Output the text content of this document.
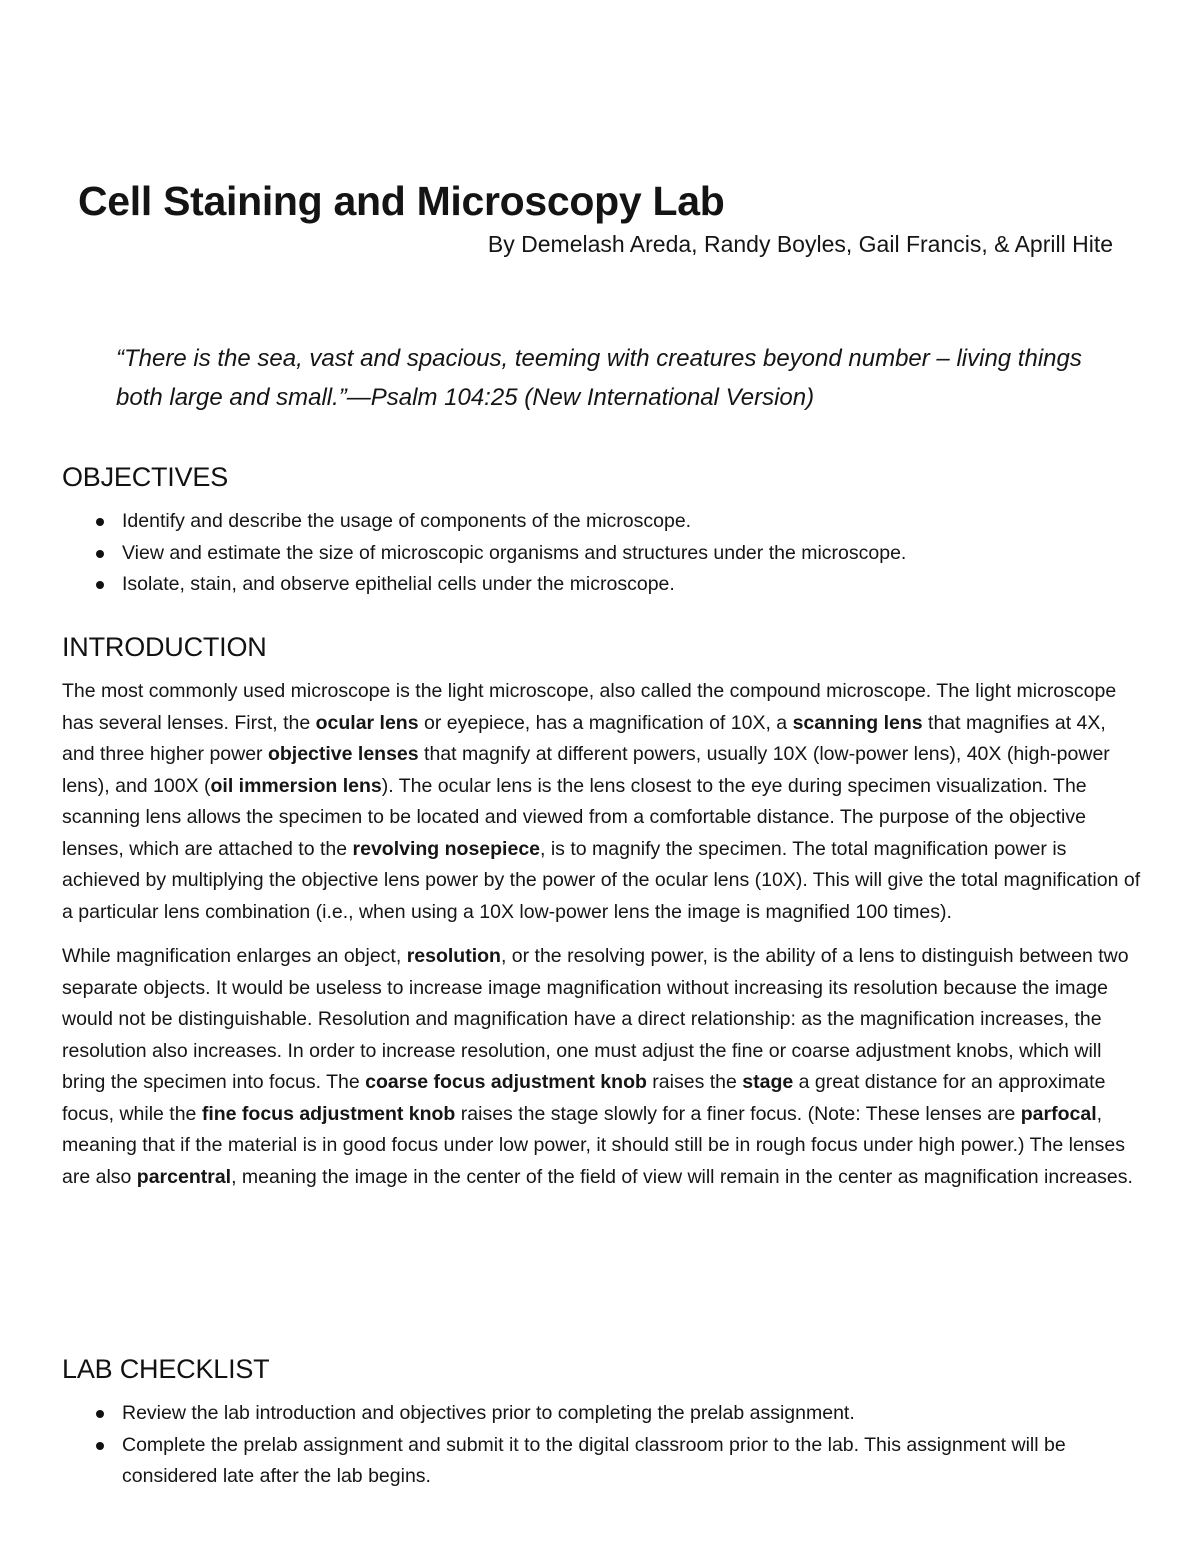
Cell Staining and Microscopy Lab

By Demelash Areda, Randy Boyles, Gail Francis, & Aprill Hite

“There is the sea, vast and spacious, teeming with creatures beyond number – living things both large and small.”—Psalm 104:25 (New International Version)

OBJECTIVES
Identify and describe the usage of components of the microscope.
View and estimate the size of microscopic organisms and structures under the microscope.
Isolate, stain, and observe epithelial cells under the microscope.
INTRODUCTION

The most commonly used microscope is the light microscope, also called the compound microscope. The light microscope has several lenses. First, the ocular lens or eyepiece, has a magnification of 10X, a scanning lens that magnifies at 4X, and three higher power objective lenses that magnify at different powers, usually 10X (low-power lens), 40X (high-power lens), and 100X (oil immersion lens). The ocular lens is the lens closest to the eye during specimen visualization. The scanning lens allows the specimen to be located and viewed from a comfortable distance. The purpose of the objective lenses, which are attached to the revolving nosepiece, is to magnify the specimen. The total magnification power is achieved by multiplying the objective lens power by the power of the ocular lens (10X). This will give the total magnification of a particular lens combination (i.e., when using a 10X low-power lens the image is magnified 100 times).

While magnification enlarges an object, resolution, or the resolving power, is the ability of a lens to distinguish between two separate objects. It would be useless to increase image magnification without increasing its resolution because the image would not be distinguishable. Resolution and magnification have a direct relationship: as the magnification increases, the resolution also increases. In order to increase resolution, one must adjust the fine or coarse adjustment knobs, which will bring the specimen into focus. The coarse focus adjustment knob raises the stage a great distance for an approximate focus, while the fine focus adjustment knob raises the stage slowly for a finer focus. (Note: These lenses are parfocal, meaning that if the material is in good focus under low power, it should still be in rough focus under high power.) The lenses are also parcentral, meaning the image in the center of the field of view will remain in the center as magnification increases.

LAB CHECKLIST
Review the lab introduction and objectives prior to completing the prelab assignment.
Complete the prelab assignment and submit it to the digital classroom prior to the lab. This assignment will be considered late after the lab begins.
